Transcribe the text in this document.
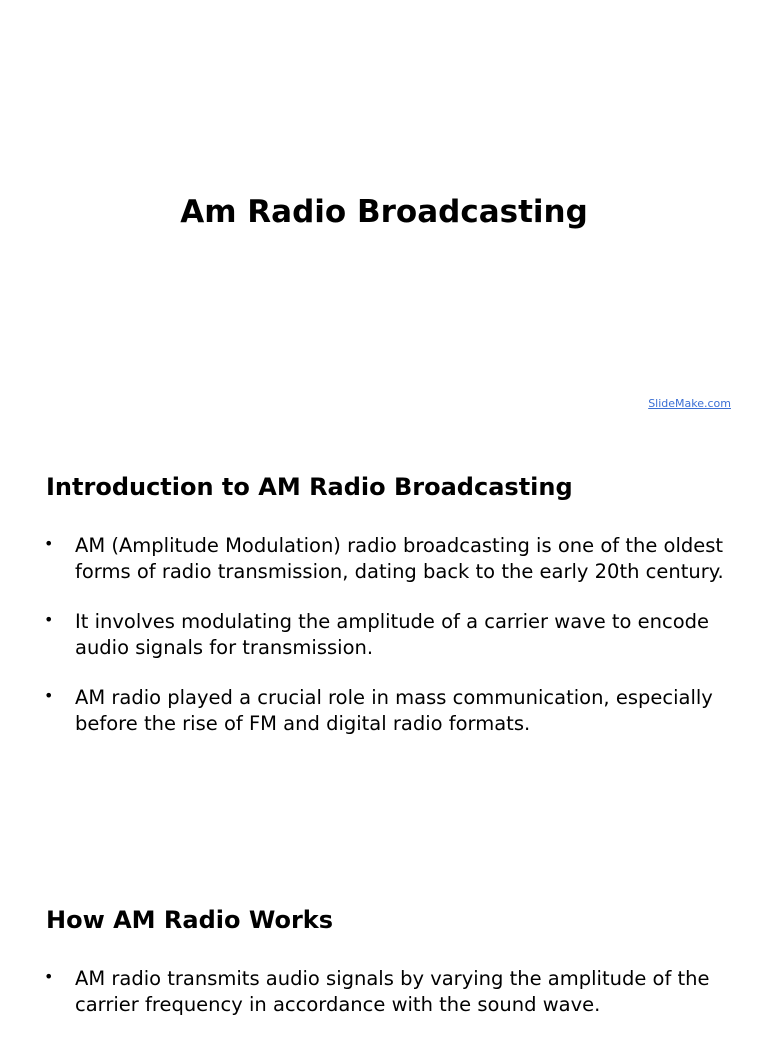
Am Radio Broadcasting
SlideMake.com
Introduction to AM Radio Broadcasting
• AM (Amplitude Modulation) radio broadcasting is one of the oldest forms of radio transmission, dating back to the early 20th century.
• It involves modulating the amplitude of a carrier wave to encode audio signals for transmission.
• AM radio played a crucial role in mass communication, especially before the rise of FM and digital radio formats.
How AM Radio Works
• AM radio transmits audio signals by varying the amplitude of the carrier frequency in accordance with the sound wave.
